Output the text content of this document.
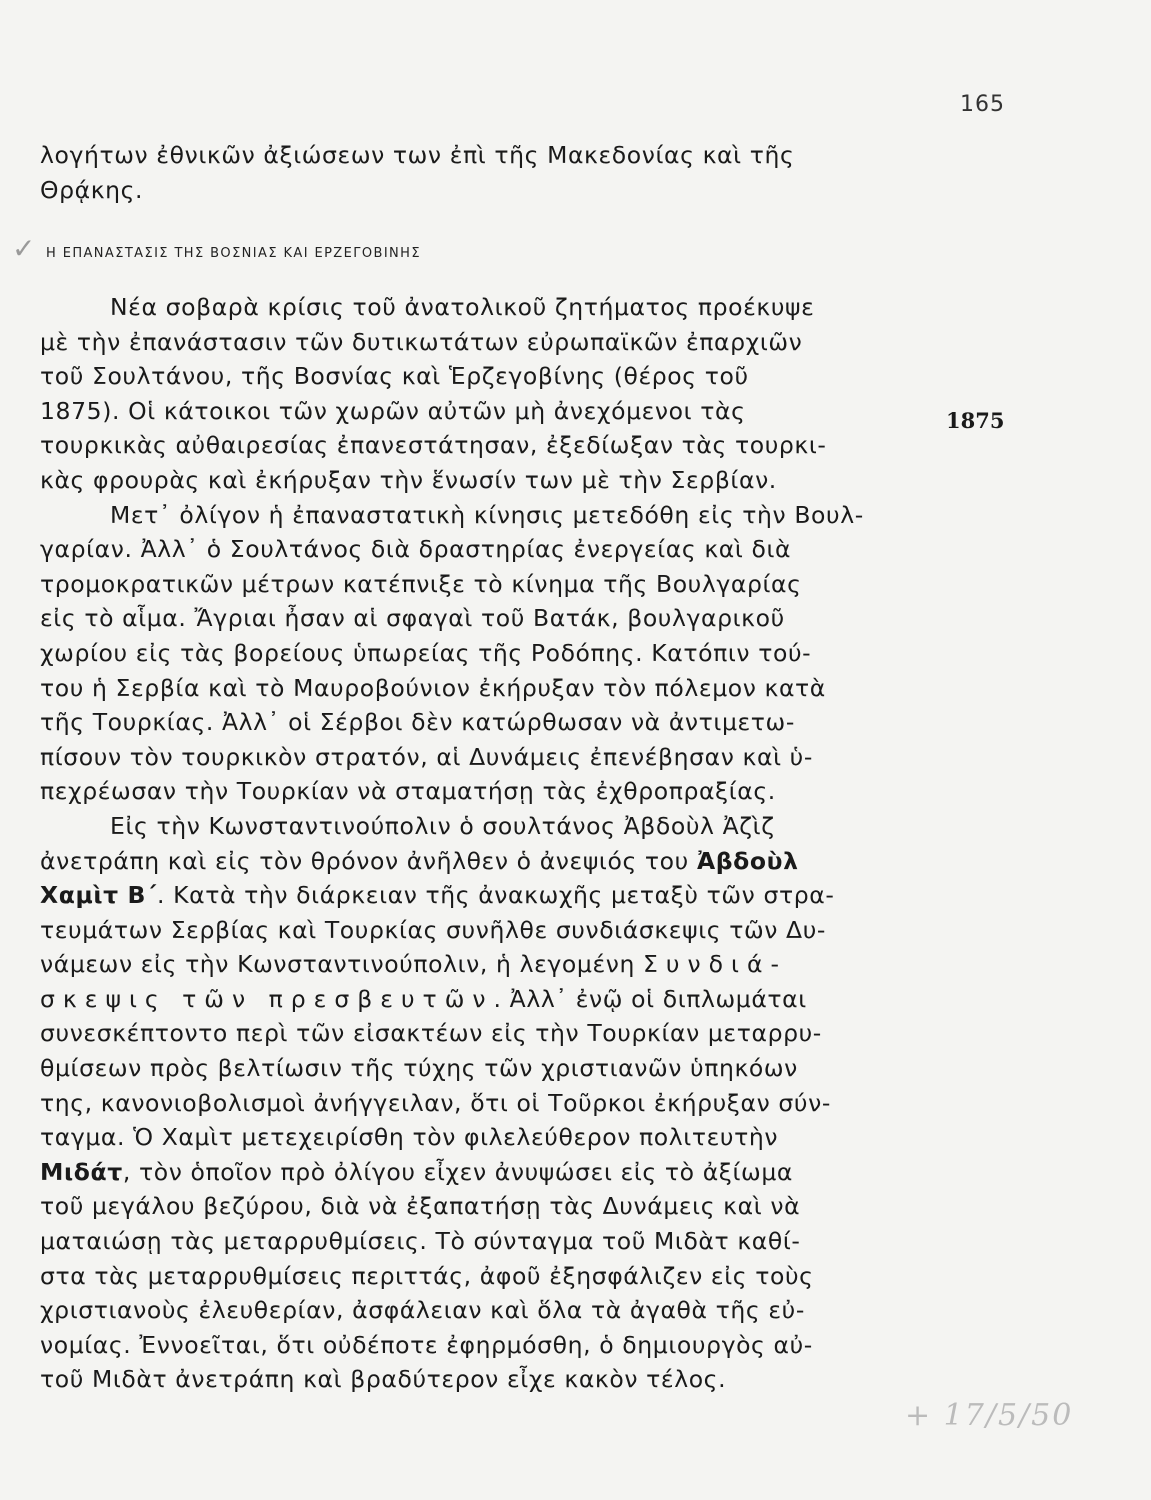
165
λογήτων ἐθνικῶν ἀξιώσεων των ἐπὶ τῆς Μακεδονίας καὶ τῆς
Θρᾴκης.
✓ Η ΕΠΑΝΑΣΤΑΣΙΣ ΤΗΣ ΒΟΣΝΙΑΣ ΚΑΙ ΕΡΖΕΓΟΒΙΝΗΣ
1875
Νέα σοβαρὰ κρίσις τοῦ ἀνατολικοῦ ζητήματος προέκυψε
μὲ τὴν ἐπανάστασιν τῶν δυτικωτάτων εὐρωπαϊκῶν ἐπαρχιῶν
τοῦ Σουλτάνου, τῆς Βοσνίας καὶ Ἑρζεγοβίνης (θέρος τοῦ
1875). Οἱ κάτοικοι τῶν χωρῶν αὐτῶν μὴ ἀνεχόμενοι τὰς
τουρκικὰς αὐθαιρεσίας ἐπανεστάτησαν, ἐξεδίωξαν τὰς τουρκι-
κὰς φρουρὰς καὶ ἐκήρυξαν τὴν ἕνωσίν των μὲ τὴν Σερβίαν.
Μετ᾽ ὀλίγον ἡ ἐπαναστατικὴ κίνησις μετεδόθη εἰς τὴν Βουλ-
γαρίαν. Ἀλλ᾽ ὁ Σουλτάνος διὰ δραστηρίας ἐνεργείας καὶ διὰ
τρομοκρατικῶν μέτρων κατέπνιξε τὸ κίνημα τῆς Βουλγαρίας
εἰς τὸ αἷμα. Ἄγριαι ἦσαν αἱ σφαγαὶ τοῦ Βατάκ, βουλγαρικοῦ
χωρίου εἰς τὰς βορείους ὑπωρείας τῆς Ροδόπης. Κατόπιν τού-
του ἡ Σερβία καὶ τὸ Μαυροβούνιον ἐκήρυξαν τὸν πόλεμον κατὰ
τῆς Τουρκίας. Ἀλλ᾽ οἱ Σέρβοι δὲν κατώρθωσαν νὰ ἀντιμετω-
πίσουν τὸν τουρκικὸν στρατόν, αἱ Δυνάμεις ἐπενέβησαν καὶ ὑ-
πεχρέωσαν τὴν Τουρκίαν νὰ σταματήσῃ τὰς ἐχθροπραξίας.
Εἰς τὴν Κωνσταντινούπολιν ὁ σουλτάνος Ἀβδοὺλ Ἀζὶζ
ἀνετράπη καὶ εἰς τὸν θρόνον ἀνῆλθεν ὁ ἀνεψιός του Ἀβδοὺλ
Χαμὶτ Β΄. Κατὰ τὴν διάρκειαν τῆς ἀνακωχῆς μεταξὺ τῶν στρα-
τευμάτων Σερβίας καὶ Τουρκίας συνῆλθε συνδιάσκεψις τῶν Δυ-
νάμεων εἰς τὴν Κωνσταντινούπολιν, ἡ λεγομένη Συνδιά-
σκεψις τῶν πρεσβευτῶν. Ἀλλ᾽ ἐνῷ οἱ διπλωμάται
συνεσκέπτοντο περὶ τῶν εἰσακτέων εἰς τὴν Τουρκίαν μεταρρυ-
θμίσεων πρὸς βελτίωσιν τῆς τύχης τῶν χριστιανῶν ὑπηκόων
της, κανονιοβολισμοὶ ἀνήγγειλαν, ὅτι οἱ Τοῦρκοι ἐκήρυξαν σύν-
ταγμα. Ὁ Χαμὶτ μετεχειρίσθη τὸν φιλελεύθερον πολιτευτὴν
Μιδάτ, τὸν ὁποῖον πρὸ ὀλίγου εἶχεν ἀνυψώσει εἰς τὸ ἀξίωμα
τοῦ μεγάλου βεζύρου, διὰ νὰ ἐξαπατήσῃ τὰς Δυνάμεις καὶ νὰ
ματαιώσῃ τὰς μεταρρυθμίσεις. Τὸ σύνταγμα τοῦ Μιδὰτ καθί-
στα τὰς μεταρρυθμίσεις περιττάς, ἀφοῦ ἐξησφάλιζεν εἰς τοὺς
χριστιανοὺς ἐλευθερίαν, ἀσφάλειαν καὶ ὅλα τὰ ἀγαθὰ τῆς εὐ-
νομίας. Ἐννοεῖται, ὅτι οὐδέποτε ἐφηρμόσθη, ὁ δημιουργὸς αὐ-
τοῦ Μιδὰτ ἀνετράπη καὶ βραδύτερον εἶχε κακὸν τέλος.
+ 17/5/50
